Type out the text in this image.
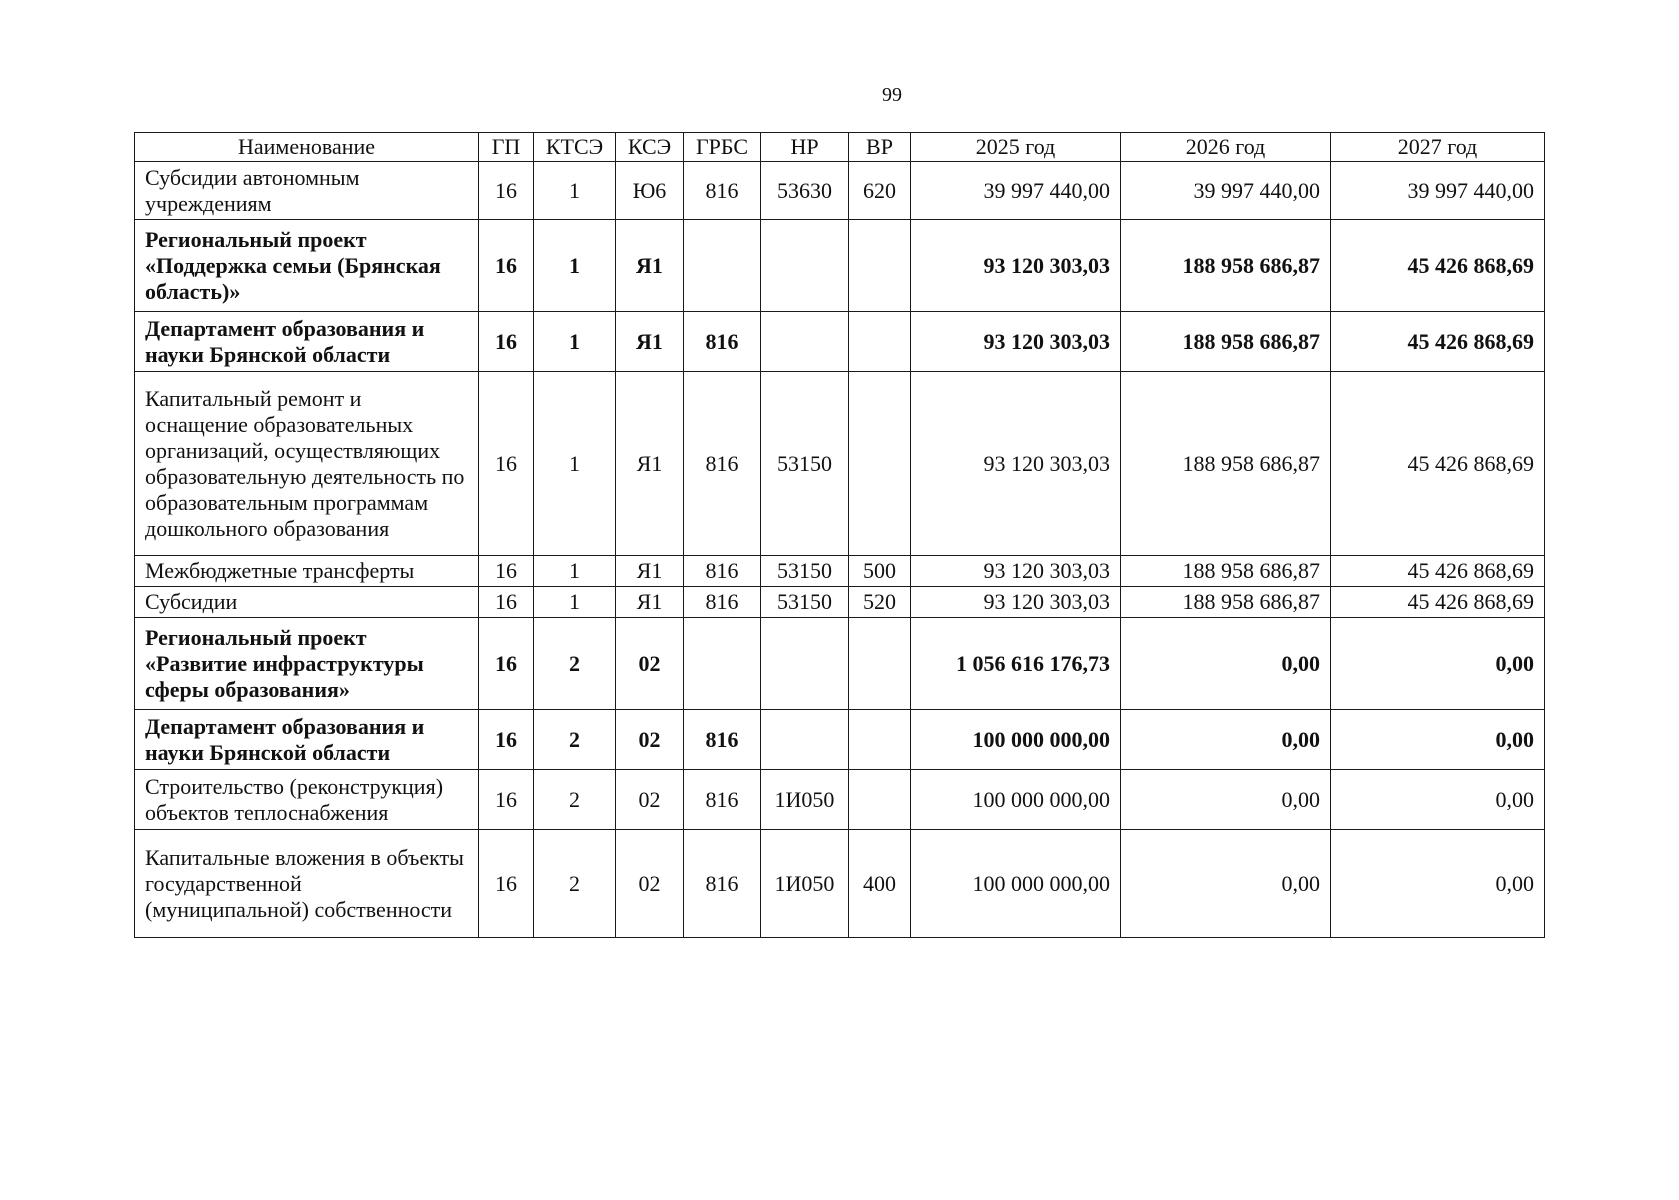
99
Наименование	ГП	КТСЭ	КСЭ	ГРБС	НР	ВР	2025 год	2026 год	2027 год
Субсидии автономным учреждениям	16	1	Ю6	816	53630	620	39 997 440,00	39 997 440,00	39 997 440,00
Региональный проект «Поддержка семьи (Брянская область)»	16	1	Я1				93 120 303,03	188 958 686,87	45 426 868,69
Департамент образования и науки Брянской области	16	1	Я1	816			93 120 303,03	188 958 686,87	45 426 868,69
Капитальный ремонт и оснащение образовательных организаций, осуществляющих образовательную деятельность по образовательным программам дошкольного образования	16	1	Я1	816	53150		93 120 303,03	188 958 686,87	45 426 868,69
Межбюджетные трансферты	16	1	Я1	816	53150	500	93 120 303,03	188 958 686,87	45 426 868,69
Субсидии	16	1	Я1	816	53150	520	93 120 303,03	188 958 686,87	45 426 868,69
Региональный проект «Развитие инфраструктуры сферы образования»	16	2	02				1 056 616 176,73	0,00	0,00
Департамент образования и науки Брянской области	16	2	02	816			100 000 000,00	0,00	0,00
Строительство (реконструкция) объектов теплоснабжения	16	2	02	816	1И050		100 000 000,00	0,00	0,00
Капитальные вложения в объекты государственной (муниципальной) собственности	16	2	02	816	1И050	400	100 000 000,00	0,00	0,00
